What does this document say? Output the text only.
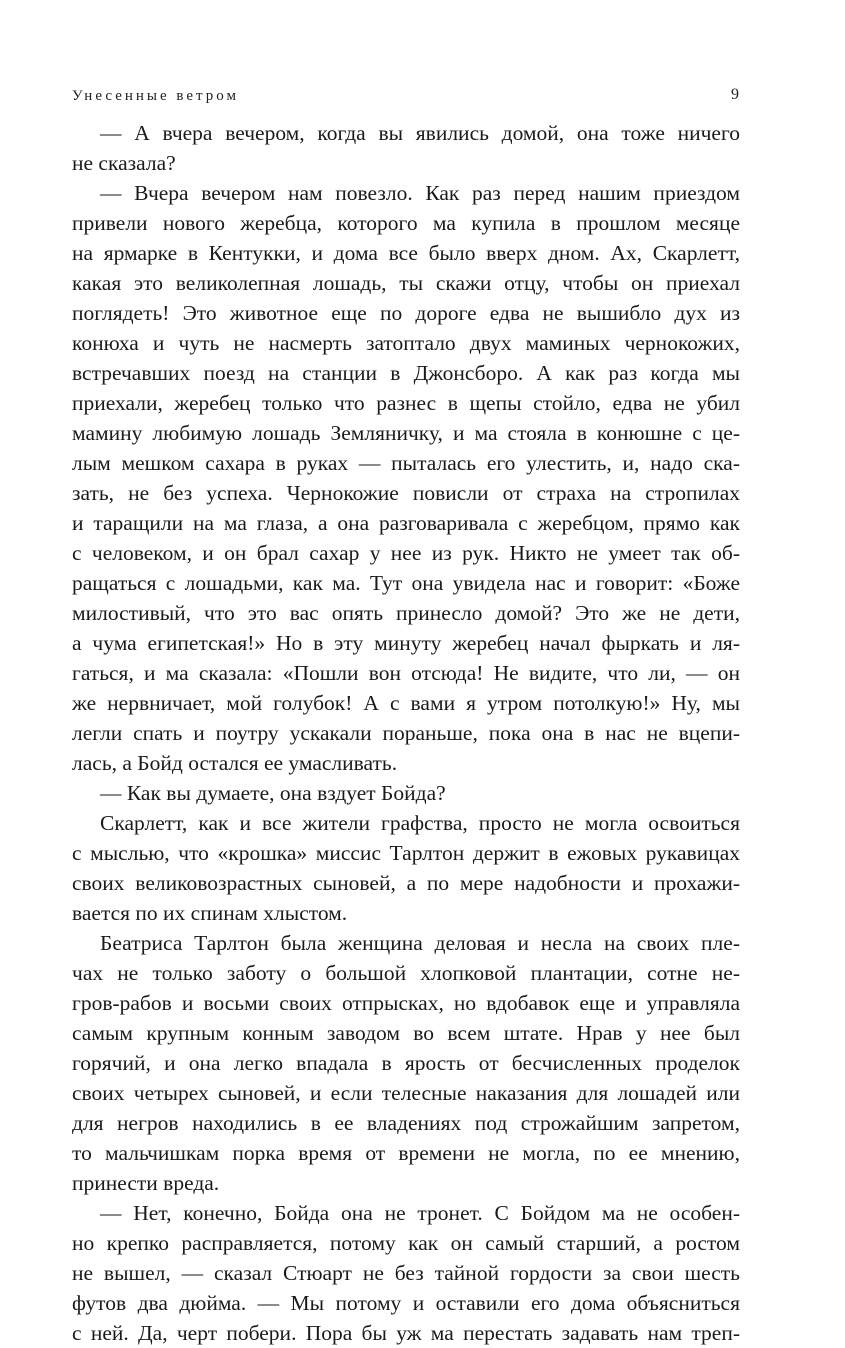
Унесенные ветром	9
— А вчера вечером, когда вы явились домой, она тоже ничего
не сказала?
— Вчера вечером нам повезло. Как раз перед нашим приездом
привели нового жеребца, которого ма купила в прошлом месяце
на ярмарке в Кентукки, и дома все было вверх дном. Ах, Скарлетт,
какая это великолепная лошадь, ты скажи отцу, чтобы он приехал
поглядеть! Это животное еще по дороге едва не вышибло дух из
конюха и чуть не насмерть затоптало двух маминых чернокожих,
встречавших поезд на станции в Джонсборо. А как раз когда мы
приехали, жеребец только что разнес в щепы стойло, едва не убил
мамину любимую лошадь Земляничку, и ма стояла в конюшне с це-
лым мешком сахара в руках — пыталась его улестить, и, надо ска-
зать, не без успеха. Чернокожие повисли от страха на стропилах
и таращили на ма глаза, а она разговаривала с жеребцом, прямо как
с человеком, и он брал сахар у нее из рук. Никто не умеет так об-
ращаться с лошадьми, как ма. Тут она увидела нас и говорит: «Боже
милостивый, что это вас опять принесло домой? Это же не дети,
а чума египетская!» Но в эту минуту жеребец начал фыркать и ля-
гаться, и ма сказала: «Пошли вон отсюда! Не видите, что ли, — он
же нервничает, мой голубок! А с вами я утром потолкую!» Ну, мы
легли спать и поутру ускакали пораньше, пока она в нас не вцепи-
лась, а Бойд остался ее умасливать.
— Как вы думаете, она вздует Бойда?
Скарлетт, как и все жители графства, просто не могла освоиться
с мыслью, что «крошка» миссис Тарлтон держит в ежовых рукавицах
своих великовозрастных сыновей, а по мере надобности и прохажи-
вается по их спинам хлыстом.
Беатриса Тарлтон была женщина деловая и несла на своих пле-
чах не только заботу о большой хлопковой плантации, сотне не-
гров-рабов и восьми своих отпрысках, но вдобавок еще и управляла
самым крупным конным заводом во всем штате. Нрав у нее был
горячий, и она легко впадала в ярость от бесчисленных проделок
своих четырех сыновей, и если телесные наказания для лошадей или
для негров находились в ее владениях под строжайшим запретом,
то мальчишкам порка время от времени не могла, по ее мнению,
принести вреда.
— Нет, конечно, Бойда она не тронет. С Бойдом ма не особен-
но крепко расправляется, потому как он самый старший, а ростом
не вышел, — сказал Стюарт не без тайной гордости за свои шесть
футов два дюйма. — Мы потому и оставили его дома объясниться
с ней. Да, черт побери. Пора бы уж ма перестать задавать нам треп-
